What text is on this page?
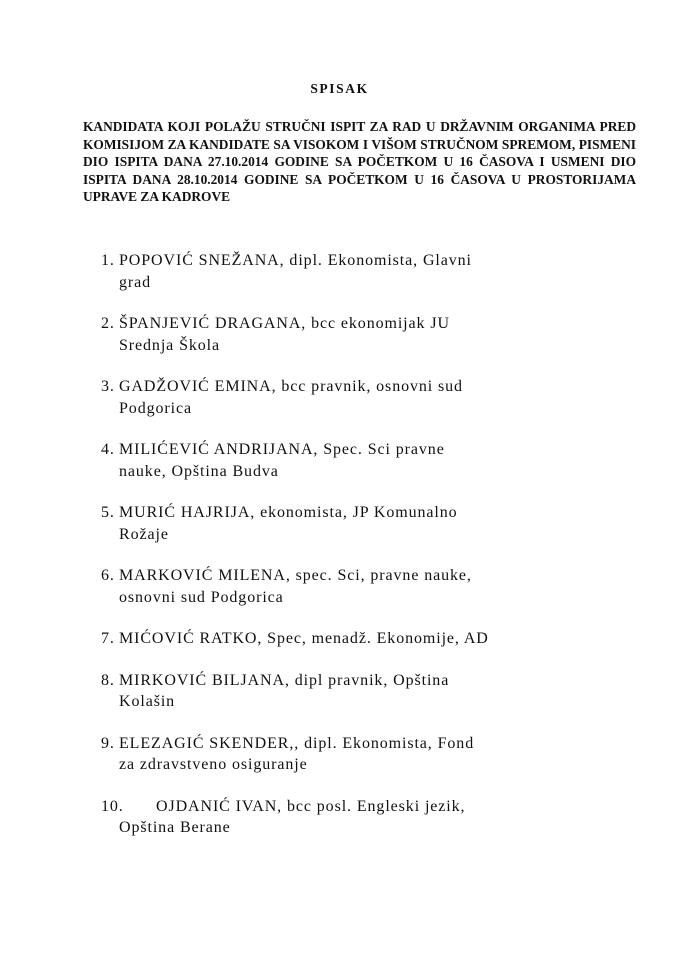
SPISAK

KANDIDATA KOJI POLAŽU STRUČNI ISPIT ZA RAD U DRŽAVNIM ORGANIMA PRED KOMISIJOM ZA KANDIDATE SA VISOKOM I VIŠOM STRUČNOM SPREMOM, PISMENI DIO ISPITA DANA 27.10.2014 GODINE SA POČETKOM U 16 ČASOVA I USMENI DIO ISPITA DANA 28.10.2014 GODINE SA POČETKOM U 16 ČASOVA U PROSTORIJAMA UPRAVE ZA KADROVE

1. POPOVIĆ SNEŽANA, dipl. Ekonomista, Glavni
grad
2. ŠPANJEVIĆ DRAGANA, bcc ekonomijak JU
Srednja Škola
3. GADŽOVIĆ EMINA, bcc pravnik, osnovni sud
Podgorica
4. MILIĆEVIĆ ANDRIJANA, Spec. Sci pravne
nauke, Opština Budva
5. MURIĆ HAJRIJA, ekonomista, JP Komunalno
Rožaje
6. MARKOVIĆ MILENA, spec. Sci, pravne nauke,
osnovni sud Podgorica
7. MIĆOVIĆ RATKO, Spec, menadž. Ekonomije, AD
8. MIRKOVIĆ BILJANA, dipl pravnik, Opština
Kolašin
9. ELEZAGIĆ SKENDER,, dipl. Ekonomista, Fond
za zdravstveno osiguranje
10. OJDANIĆ IVAN, bcc posl. Engleski jezik,
Opština Berane
